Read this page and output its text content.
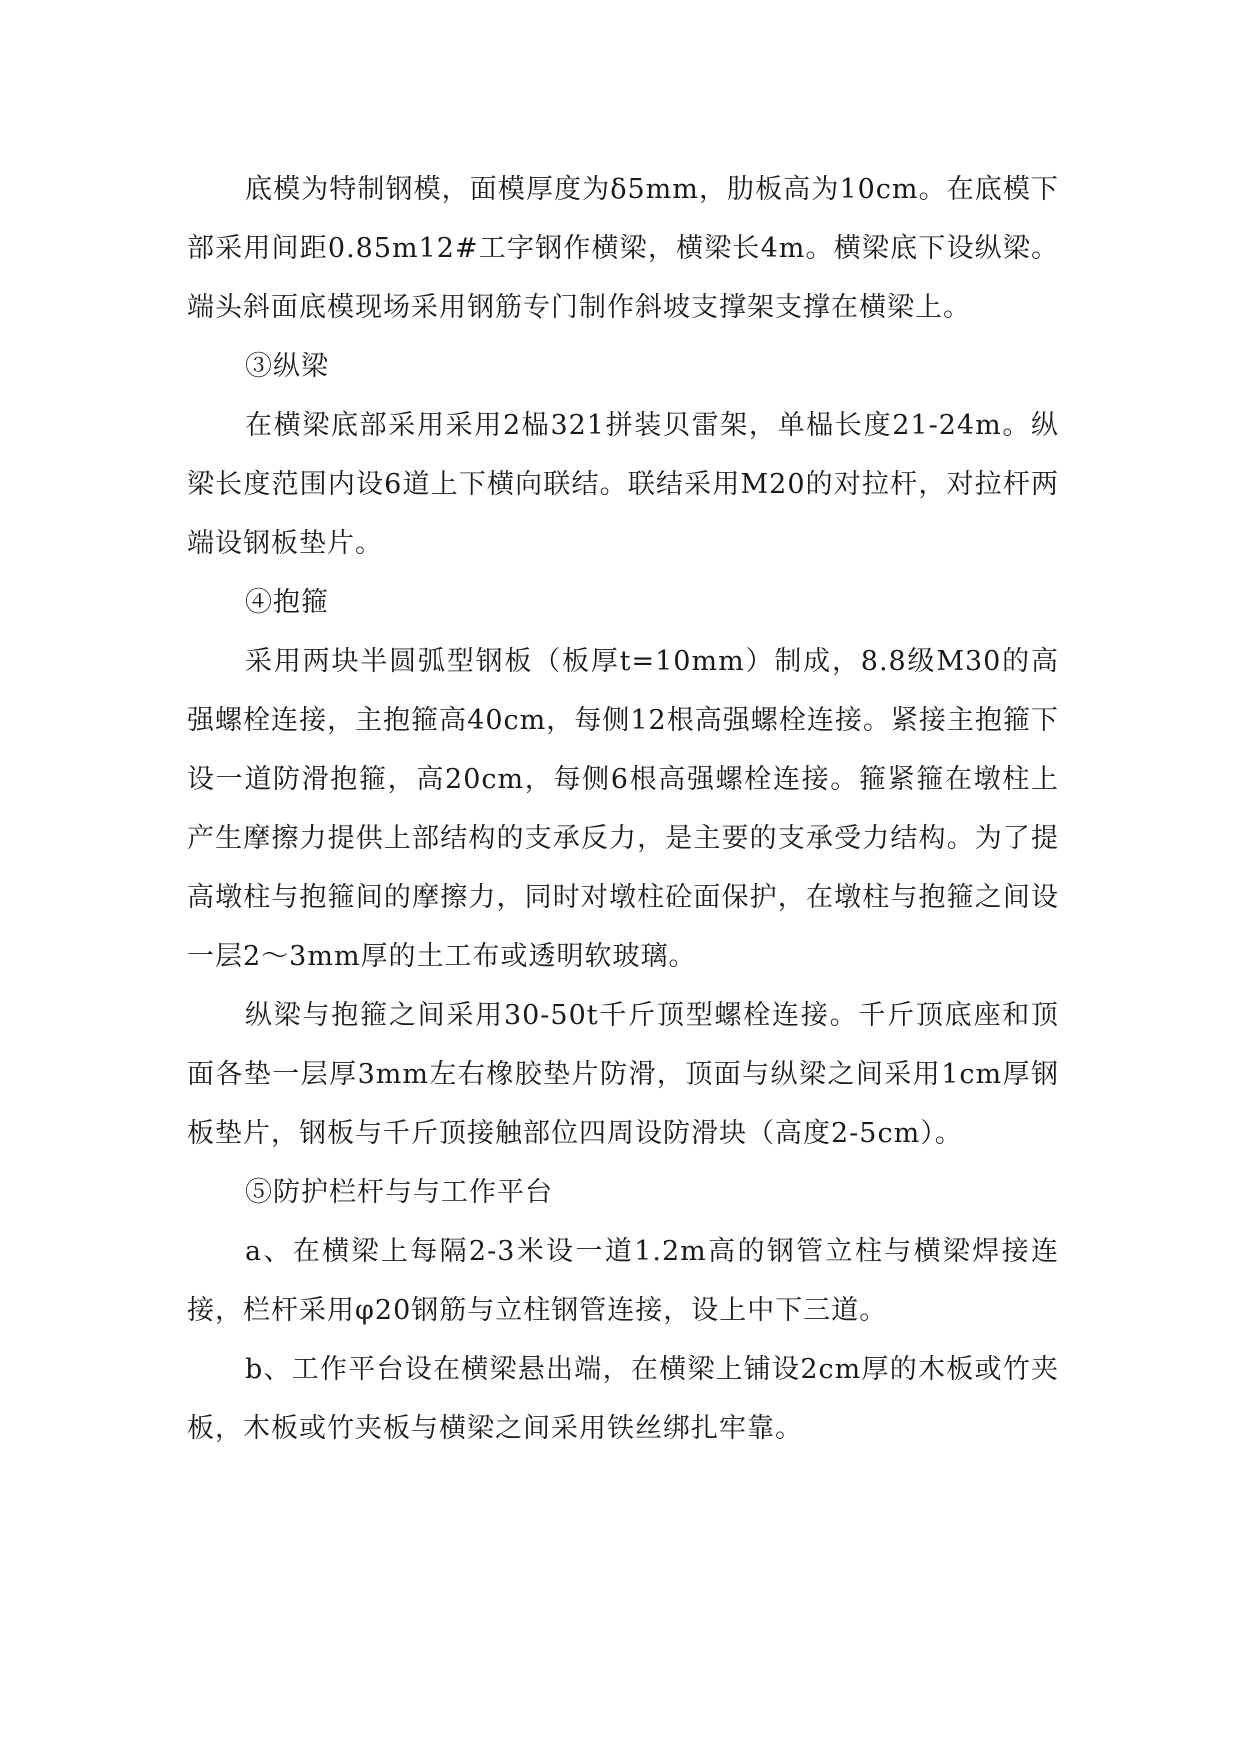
底模为特制钢模，面模厚度为δ5mm，肋板高为10cm。在底模下部采用间距0.85m12#工字钢作横梁，横梁长4m。横梁底下设纵梁。端头斜面底模现场采用钢筋专门制作斜坡支撑架支撑在横梁上。

③纵梁

在横梁底部采用采用2榀321拼装贝雷架，单榀长度21-24m。纵梁长度范围内设6道上下横向联结。联结采用M20的对拉杆，对拉杆两端设钢板垫片。

④抱箍

采用两块半圆弧型钢板（板厚t=10mm）制成，8.8级M30的高强螺栓连接，主抱箍高40cm，每侧12根高强螺栓连接。紧接主抱箍下设一道防滑抱箍，高20cm，每侧6根高强螺栓连接。箍紧箍在墩柱上产生摩擦力提供上部结构的支承反力，是主要的支承受力结构。为了提高墩柱与抱箍间的摩擦力，同时对墩柱砼面保护，在墩柱与抱箍之间设一层2～3mm厚的土工布或透明软玻璃。

纵梁与抱箍之间采用30-50t千斤顶型螺栓连接。千斤顶底座和顶面各垫一层厚3mm左右橡胶垫片防滑，顶面与纵梁之间采用1cm厚钢板垫片，钢板与千斤顶接触部位四周设防滑块（高度2-5cm）。

⑤防护栏杆与与工作平台

a、在横梁上每隔2-3米设一道1.2m高的钢管立柱与横梁焊接连接，栏杆采用φ20钢筋与立柱钢管连接，设上中下三道。

b、工作平台设在横梁悬出端，在横梁上铺设2cm厚的木板或竹夹板，木板或竹夹板与横梁之间采用铁丝绑扎牢靠。
